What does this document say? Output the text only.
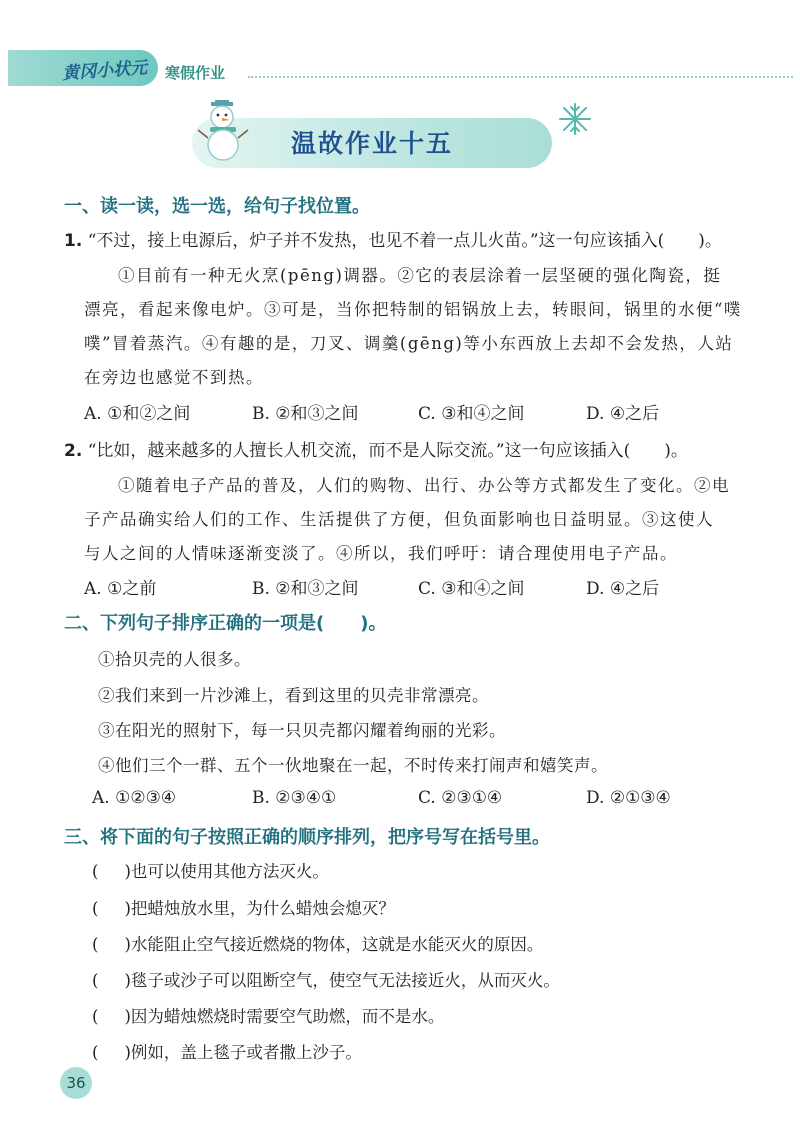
黄冈小状元 寒假作业
温故作业十五
一、读一读，选一选，给句子找位置。
1. “不过，接上电源后，炉子并不发热，也见不着一点儿火苗。”这一句应该插入(　　)。
①目前有一种无火烹(pēng)调器。②它的表层涂着一层坚硬的强化陶瓷，挺
漂亮，看起来像电炉。③可是，当你把特制的铝锅放上去，转眼间，锅里的水便“噗
噗”冒着蒸汽。④有趣的是，刀叉、调羹(gēng)等小东西放上去却不会发热，人站
在旁边也感觉不到热。
A. ①和②之间	B. ②和③之间	C. ③和④之间	D. ④之后
2. “比如，越来越多的人擅长人机交流，而不是人际交流。”这一句应该插入(　　)。
①随着电子产品的普及，人们的购物、出行、办公等方式都发生了变化。②电
子产品确实给人们的工作、生活提供了方便，但负面影响也日益明显。③这使人
与人之间的人情味逐渐变淡了。④所以，我们呼吁：请合理使用电子产品。
A. ①之前	B. ②和③之间	C. ③和④之间	D. ④之后
二、下列句子排序正确的一项是(　　)。
①拾贝壳的人很多。
②我们来到一片沙滩上，看到这里的贝壳非常漂亮。
③在阳光的照射下，每一只贝壳都闪耀着绚丽的光彩。
④他们三个一群、五个一伙地聚在一起，不时传来打闹声和嬉笑声。
A. ①②③④	B. ②③④①	C. ②③①④	D. ②①③④
三、将下面的句子按照正确的顺序排列，把序号写在括号里。
( )也可以使用其他方法灭火。
( )把蜡烛放水里，为什么蜡烛会熄灭？
( )水能阻止空气接近燃烧的物体，这就是水能灭火的原因。
( )毯子或沙子可以阻断空气，使空气无法接近火，从而灭火。
( )因为蜡烛燃烧时需要空气助燃，而不是水。
( )例如，盖上毯子或者撒上沙子。
36
